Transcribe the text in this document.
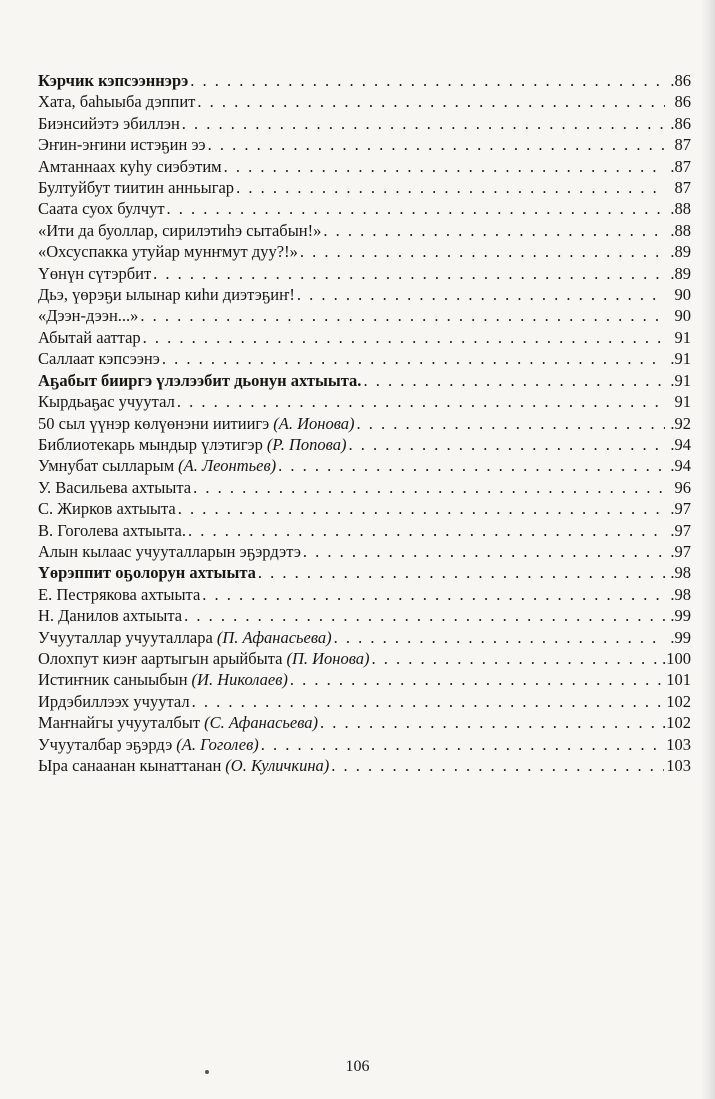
Кэрчик кэпсээннэрэ . . .	.86
Хата, баһыыба дэппит . . .	86
Биэнсийэтэ эбиллэн . . .	.86
Эҥин-эҥини истэҕин ээ . . .	87
Амтаннаах куһу сиэбэтим . . .	.87
Бултуйбут тиитин анньыгар . . .	87
Саата суох булчут . . .	.88
«Ити да буоллар, сирилэтиһэ сытабын!» . . .	.88
«Охсуспакка утуйар мунҥмут дуу?!» . . .	.89
Үөнүн сүтэрбит . . .	.89
Дьэ, үөрэҕи ылынар киһи диэтэҕиҥ! . . .	90
«Дээн-дээн...» . . .	90
Абытай ааттар . . .	91
Саллаат кэпсээнэ . . .	.91
Аҕабыт бииргэ үлэлээбит дьонун ахтыыта. . . .	.91
Кырдьаҕас учуутал . . .	91
50 сыл үүнэр көлүөнэни иитиигэ (А. Ионова) . . .	.92
Библиотекарь мындыр үлэтигэр (Р. Попова) . . .	.94
Умнубат сылларым (А. Леонтьев) . . .	.94
У. Васильева ахтыыта . . .	96
С. Жирков ахтыыта . . .	.97
В. Гоголева ахтыыта. . . .	.97
Алын кылаас учууталларын эҕэрдэтэ . . .	.97
Үөрэппит оҕолорун ахтыыта . . .	.98
Е. Пестрякова ахтыыта . . .	.98
Н. Данилов ахтыыта . . .	.99
Учууталлар учууталлара (П. Афанасьева) . . .	.99
Олохпут киэҥ аартыгын арыйбыта (П. Ионова) . . .	.100
Истиҥник саныыбын (И. Николаев) . . .	101
Ирдэбиллээх учуутал . . .	102
Маҥнайгы учууталбыт (С. Афанасьева) . . .	.102
Учууталбар эҕэрдэ (А. Гоголев) . . .	103
Ыра санаанан кынаттанан (О. Куличкина) . . .	103
106
